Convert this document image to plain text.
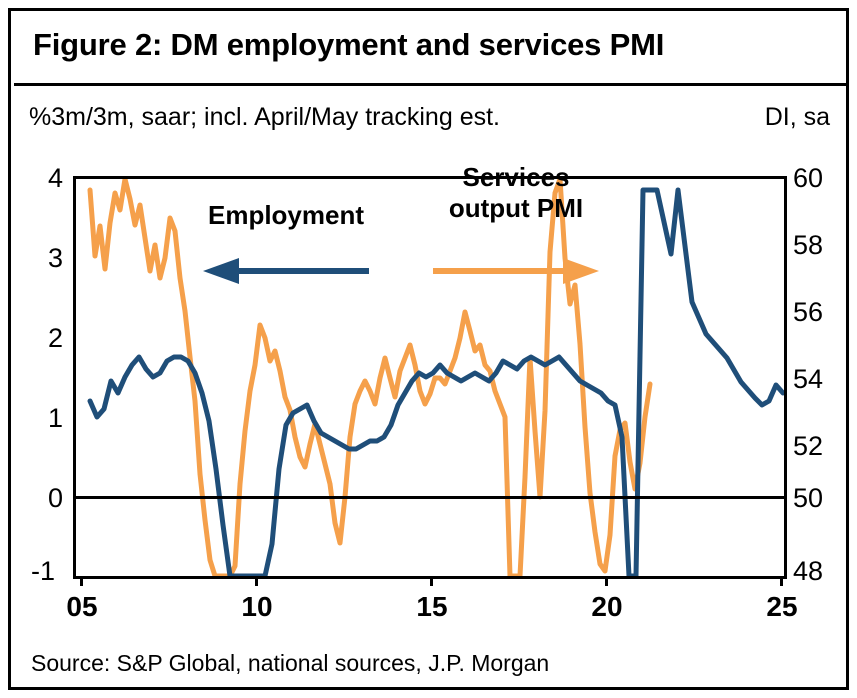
Figure 2: DM employment and services PMI
%3m/3m, saar; incl. April/May tracking est.	DI, sa
4
3
2
1
0
-1
60
58
56
54
52
50
48
05	10	15	20	25
Employment
Services
output PMI
Source: S&P Global, national sources, J.P. Morgan
